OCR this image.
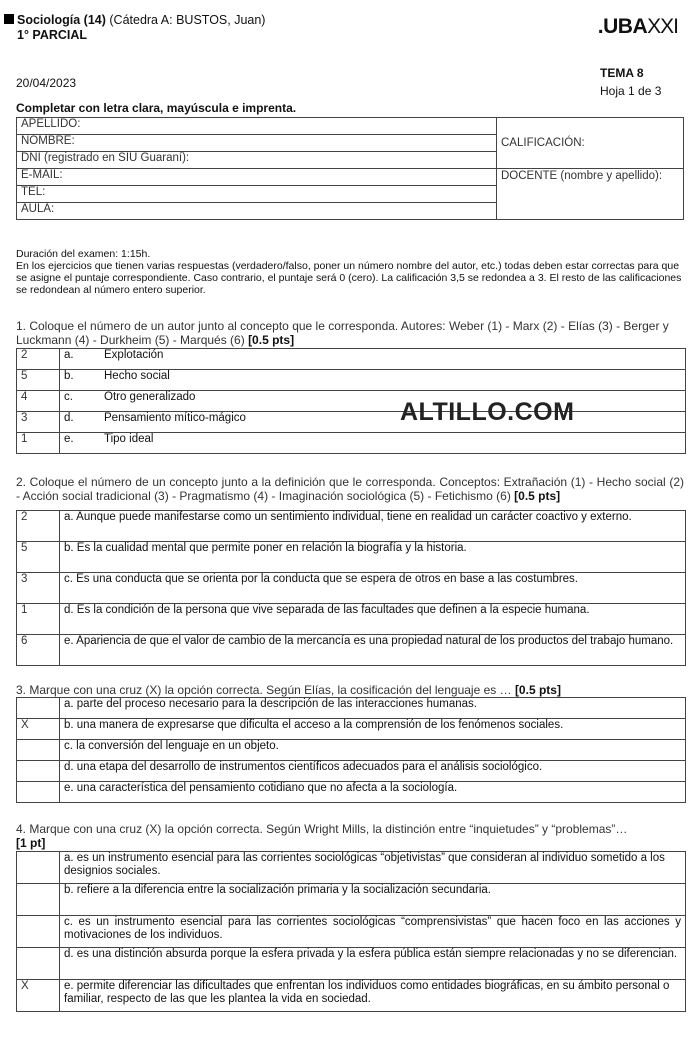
Sociología (14) (Cátedra A: BUSTOS, Juan)
1° PARCIAL	.UBAXXI
20/04/2023
TEMA 8
Hoja 1 de 3
Completar con letra clara, mayúscula e imprenta.
APELLIDO:	CALIFICACIÓN:
NOMBRE:	
DNI (registrado en SIU Guaraní):	
E-MAIL:	DOCENTE (nombre y apellido):
TEL:	
AULA:	
Duración del examen: 1:15h.
En los ejercicios que tienen varias respuestas (verdadero/falso, poner un número nombre del autor, etc.) todas deben estar correctas para que se asigne el puntaje correspondiente. Caso contrario, el puntaje será 0 (cero). La calificación 3,5 se redondea a 3. El resto de las calificaciones se redondean al número entero superior.
1. Coloque el número de un autor junto al concepto que le corresponda. Autores: Weber (1) - Marx (2) - Elías (3) - Berger y Luckmann (4) - Durkheim (5) - Marqués (6) [0.5 pts]
2	a. Explotación
5	b. Hecho social
4	c. Otro generalizado
3	d. Pensamiento mítico-mágico
1	e. Tipo ideal
ALTILLO.COM
2. Coloque el número de un concepto junto a la definición que le corresponda. Conceptos: Extrañación (1) - Hecho social (2) - Acción social tradicional (3) - Pragmatismo (4) - Imaginación sociológica (5) - Fetichismo (6) [0.5 pts]
2	a. Aunque puede manifestarse como un sentimiento individual, tiene en realidad un carácter coactivo y externo.
5	b. Es la cualidad mental que permite poner en relación la biografía y la historia.
3	c. Es una conducta que se orienta por la conducta que se espera de otros en base a las costumbres.
1	d. Es la condición de la persona que vive separada de las facultades que definen a la especie humana.
6	e. Apariencia de que el valor de cambio de la mercancía es una propiedad natural de los productos del trabajo humano.
3. Marque con una cruz (X) la opción correcta. Según Elías, la cosificación del lenguaje es … [0.5 pts]
	a. parte del proceso necesario para la descripción de las interacciones humanas.
X	b. una manera de expresarse que dificulta el acceso a la comprensión de los fenómenos sociales.
	c. la conversión del lenguaje en un objeto.
	d. una etapa del desarrollo de instrumentos científicos adecuados para el análisis sociológico.
	e. una característica del pensamiento cotidiano que no afecta a la sociología.
4. Marque con una cruz (X) la opción correcta. Según Wright Mills, la distinción entre “inquietudes” y “problemas”…
[1 pt]
	a. es un instrumento esencial para las corrientes sociológicas “objetivistas” que consideran al individuo sometido a los designios sociales.
	b. refiere a la diferencia entre la socialización primaria y la socialización secundaria.
	c. es un instrumento esencial para las corrientes sociológicas “comprensivistas” que hacen foco en las acciones y motivaciones de los individuos.
	d. es una distinción absurda porque la esfera privada y la esfera pública están siempre relacionadas y no se diferencian.
X	e. permite diferenciar las dificultades que enfrentan los individuos como entidades biográficas, en su ámbito personal o familiar, respecto de las que les plantea la vida en sociedad.
